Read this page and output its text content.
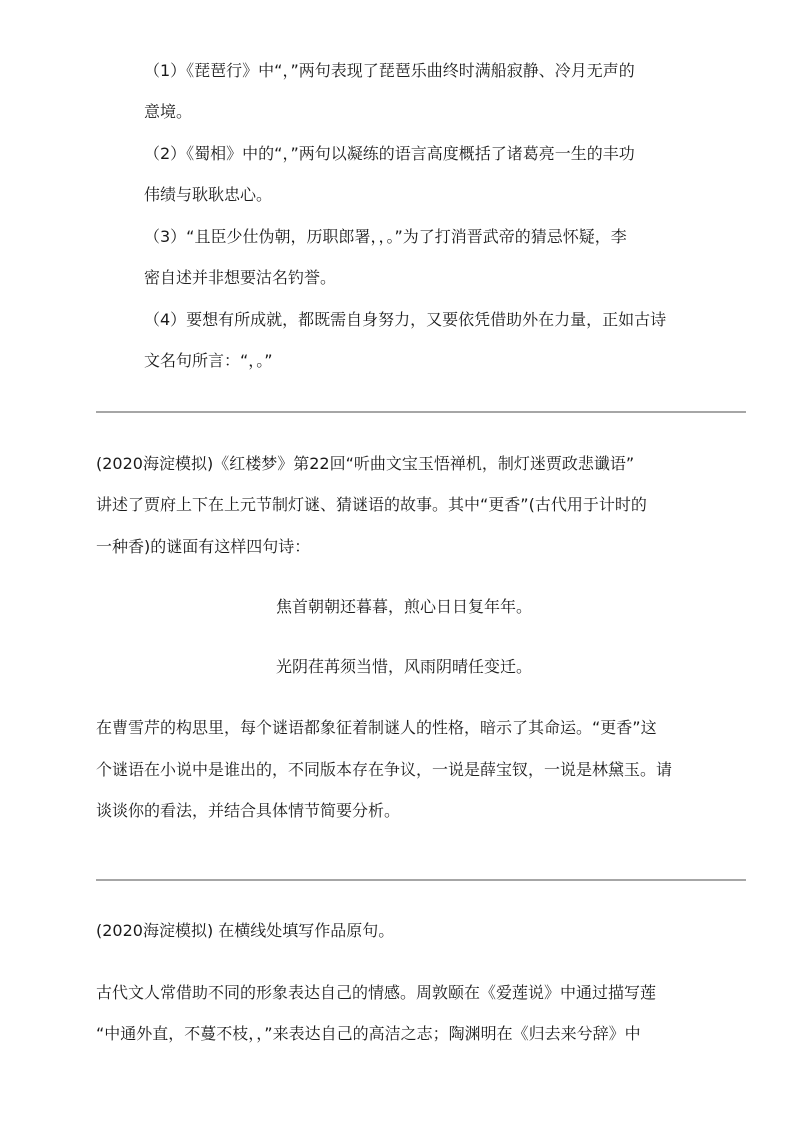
（1）《琵琶行》中“，”两句表现了琵琶乐曲终时满船寂静、冷月无声的
意境。
（2）《蜀相》中的“，”两句以凝练的语言高度概括了诸葛亮一生的丰功
伟绩与耿耿忠心。
（3）“且臣少仕伪朝，历职郎署，，。”为了打消晋武帝的猜忌怀疑，李
密自述并非想要沽名钓誉。
（4）要想有所成就，都既需自身努力，又要依凭借助外在力量，正如古诗
文名句所言：“，。”
(2020海淀模拟)《红楼梦》第22回“听曲文宝玉悟禅机，制灯迷贾政悲谶语”
讲述了贾府上下在上元节制灯谜、猜谜语的故事。其中“更香”(古代用于计时的
一种香)的谜面有这样四句诗：
焦首朝朝还暮暮，煎心日日复年年。
光阴荏苒须当惜，风雨阴晴任变迁。
在曹雪芹的构思里，每个谜语都象征着制谜人的性格，暗示了其命运。“更香”这
个谜语在小说中是谁出的，不同版本存在争议，一说是薛宝钗，一说是林黛玉。请
谈谈你的看法，并结合具体情节简要分析。
(2020海淀模拟) 在横线处填写作品原句。
古代文人常借助不同的形象表达自己的情感。周敦颐在《爱莲说》中通过描写莲
“中通外直，不蔓不枝，，”来表达自己的高洁之志；陶渊明在《归去来兮辞》中
